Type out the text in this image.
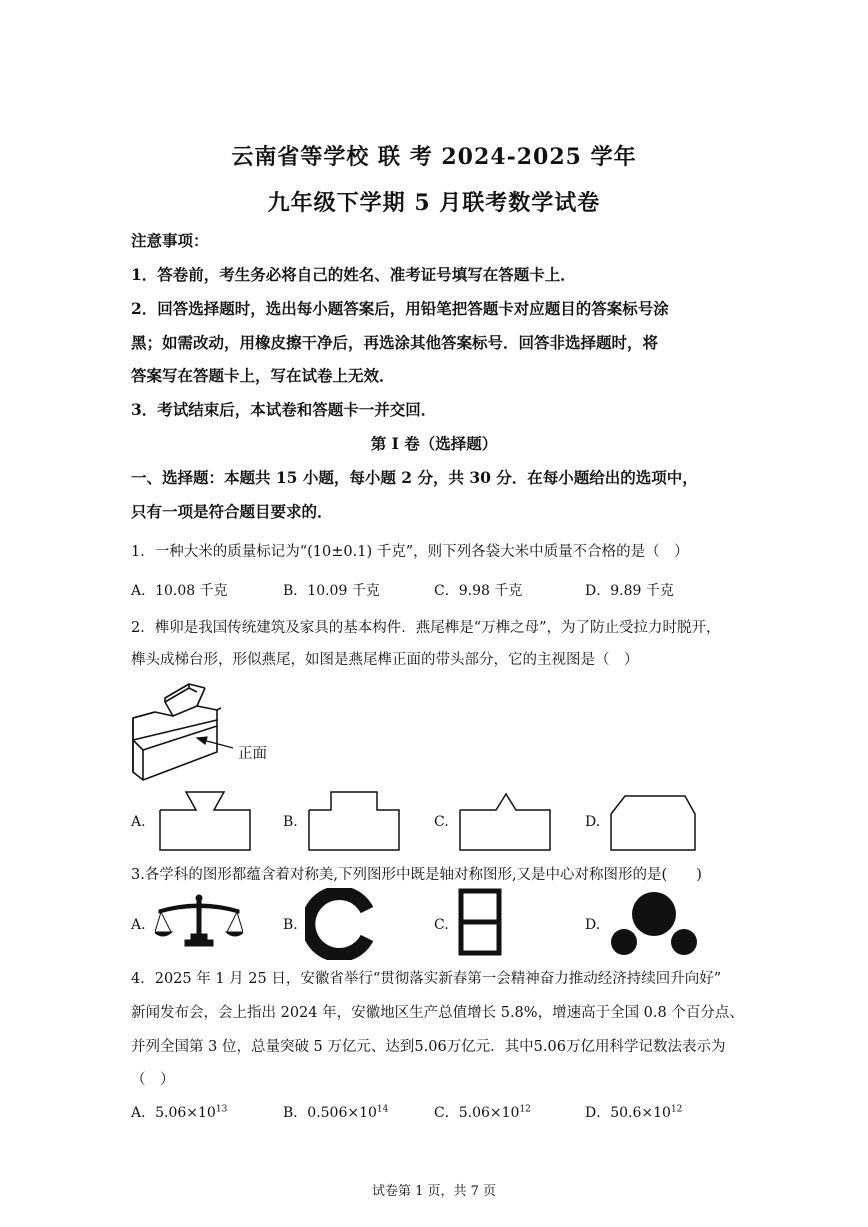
云南省等学校 联 考 2024-2025 学年
九年级下学期 5 月联考数学试卷
注意事项：
1．答卷前，考生务必将自己的姓名、准考证号填写在答题卡上．
2．回答选择题时，选出每小题答案后，用铅笔把答题卡对应题目的答案标号涂
黑；如需改动，用橡皮擦干净后，再选涂其他答案标号．回答非选择题时，将
答案写在答题卡上，写在试卷上无效．
3．考试结束后，本试卷和答题卡一并交回．
第 I 卷（选择题）
一、选择题：本题共 15 小题，每小题 2 分，共 30 分．在每小题给出的选项中，
只有一项是符合题目要求的．
1．一种大米的质量标记为“(10±0.1) 千克”，则下列各袋大米中质量不合格的是（　）
A．10.08 千克	B．10.09 千克	C．9.98 千克	D．9.89 千克
2．榫卯是我国传统建筑及家具的基本构件．燕尾榫是“万榫之母”，为了防止受拉力时脱开，
榫头成梯台形，形似燕尾，如图是燕尾榫正面的带头部分，它的主视图是（　）
正面
A.	B.	C.	D.
3.各学科的图形都蕴含着对称美,下列图形中既是轴对称图形,又是中心对称图形的是(　　)
A.	B.	C.	D.
4．2025 年 1 月 25 日，安徽省举行“贯彻落实新春第一会精神奋力推动经济持续回升向好”
新闻发布会，会上指出 2024 年，安徽地区生产总值增长 5.8%，增速高于全国 0.8 个百分点、
并列全国第 3 位，总量突破 5 万亿元、达到5.06万亿元．其中5.06万亿用科学记数法表示为
（　）
A．$5.06\times 10^{13}$	B．$0.506\times 10^{14}$	C．$5.06\times 10^{12}$	D．$50.6\times 10^{12}$
试卷第 1 页，共 7 页
